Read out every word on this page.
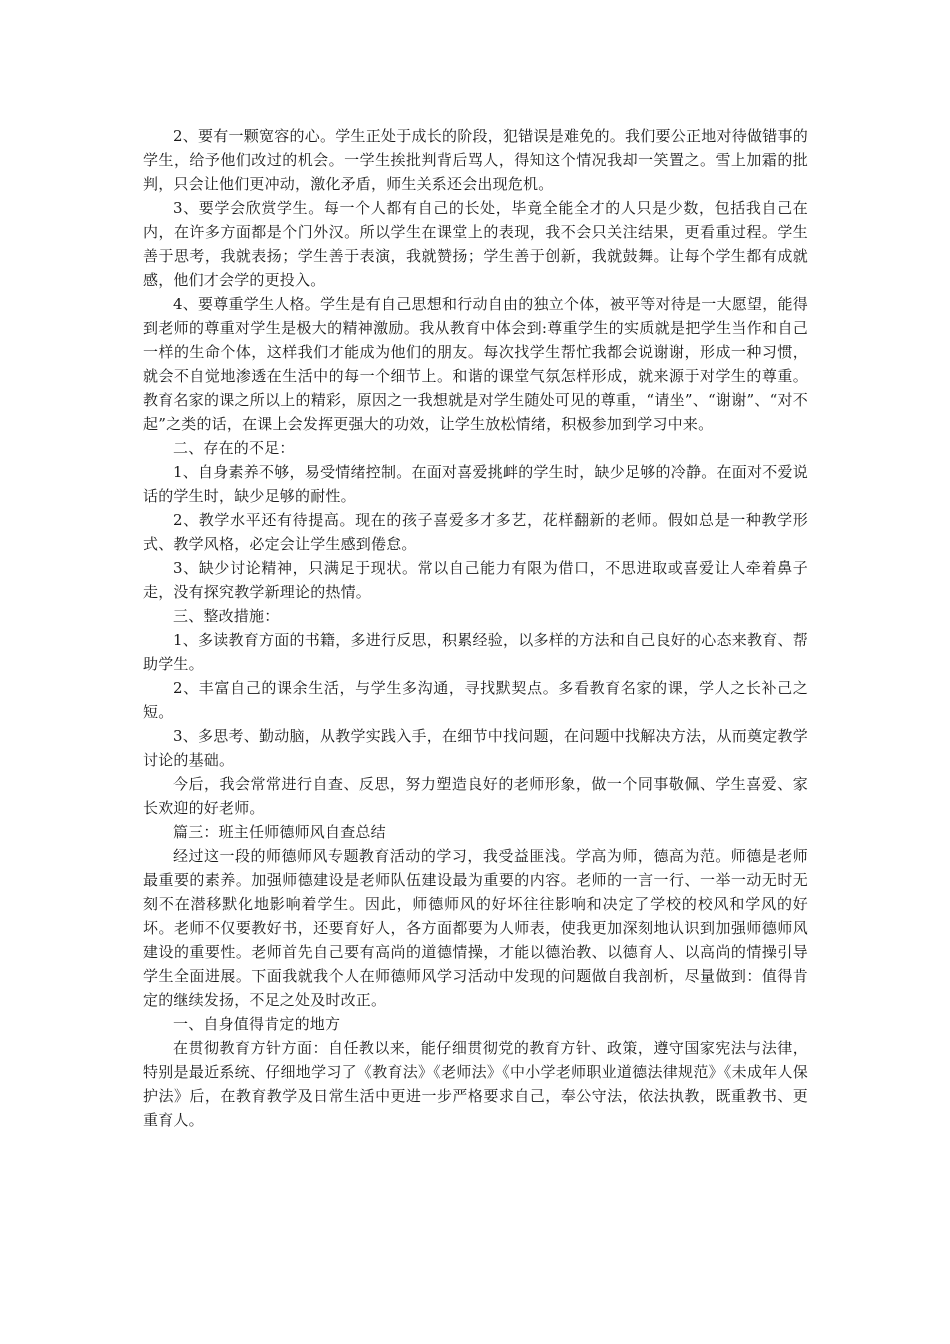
2、要有一颗宽容的心。学生正处于成长的阶段，犯错误是难免的。我们要公正地对待做错事的学生，给予他们改过的机会。一学生挨批判背后骂人，得知这个情况我却一笑置之。雪上加霜的批判，只会让他们更冲动，激化矛盾，师生关系还会出现危机。

3、要学会欣赏学生。每一个人都有自己的长处，毕竟全能全才的人只是少数，包括我自己在内，在许多方面都是个门外汉。所以学生在课堂上的表现，我不会只关注结果，更看重过程。学生善于思考，我就表扬；学生善于表演，我就赞扬；学生善于创新，我就鼓舞。让每个学生都有成就感，他们才会学的更投入。

4、要尊重学生人格。学生是有自己思想和行动自由的独立个体，被平等对待是一大愿望，能得到老师的尊重对学生是极大的精神激励。我从教育中体会到:尊重学生的实质就是把学生当作和自己一样的生命个体，这样我们才能成为他们的朋友。每次找学生帮忙我都会说谢谢，形成一种习惯，就会不自觉地渗透在生活中的每一个细节上。和谐的课堂气氛怎样形成，就来源于对学生的尊重。教育名家的课之所以上的精彩，原因之一我想就是对学生随处可见的尊重，“请坐”、“谢谢”、“对不起”之类的话，在课上会发挥更强大的功效，让学生放松情绪，积极参加到学习中来。

二、存在的不足：

1、自身素养不够，易受情绪控制。在面对喜爱挑衅的学生时，缺少足够的冷静。在面对不爱说话的学生时，缺少足够的耐性。

2、教学水平还有待提高。现在的孩子喜爱多才多艺，花样翻新的老师。假如总是一种教学形式、教学风格，必定会让学生感到倦怠。

3、缺少讨论精神，只满足于现状。常以自己能力有限为借口，不思进取或喜爱让人牵着鼻子走，没有探究教学新理论的热情。

三、整改措施：

1、多读教育方面的书籍，多进行反思，积累经验，以多样的方法和自己良好的心态来教育、帮助学生。

2、丰富自己的课余生活，与学生多沟通，寻找默契点。多看教育名家的课，学人之长补己之短。

3、多思考、勤动脑，从教学实践入手，在细节中找问题，在问题中找解决方法，从而奠定教学讨论的基础。

今后，我会常常进行自查、反思，努力塑造良好的老师形象，做一个同事敬佩、学生喜爱、家长欢迎的好老师。

篇三：班主任师德师风自查总结

经过这一段的师德师风专题教育活动的学习，我受益匪浅。学高为师，德高为范。师德是老师最重要的素养。加强师德建设是老师队伍建设最为重要的内容。老师的一言一行、一举一动无时无刻不在潜移默化地影响着学生。因此，师德师风的好坏往往影响和决定了学校的校风和学风的好坏。老师不仅要教好书，还要育好人，各方面都要为人师表，使我更加深刻地认识到加强师德师风建设的重要性。老师首先自己要有高尚的道德情操，才能以德治教、以德育人、以高尚的情操引导学生全面进展。下面我就我个人在师德师风学习活动中发现的问题做自我剖析，尽量做到：值得肯定的继续发扬，不足之处及时改正。

一、自身值得肯定的地方

在贯彻教育方针方面：自任教以来，能仔细贯彻党的教育方针、政策，遵守国家宪法与法律，特别是最近系统、仔细地学习了《教育法》《老师法》《中小学老师职业道德法律规范》《未成年人保护法》后，在教育教学及日常生活中更进一步严格要求自己，奉公守法，依法执教，既重教书、更重育人。
